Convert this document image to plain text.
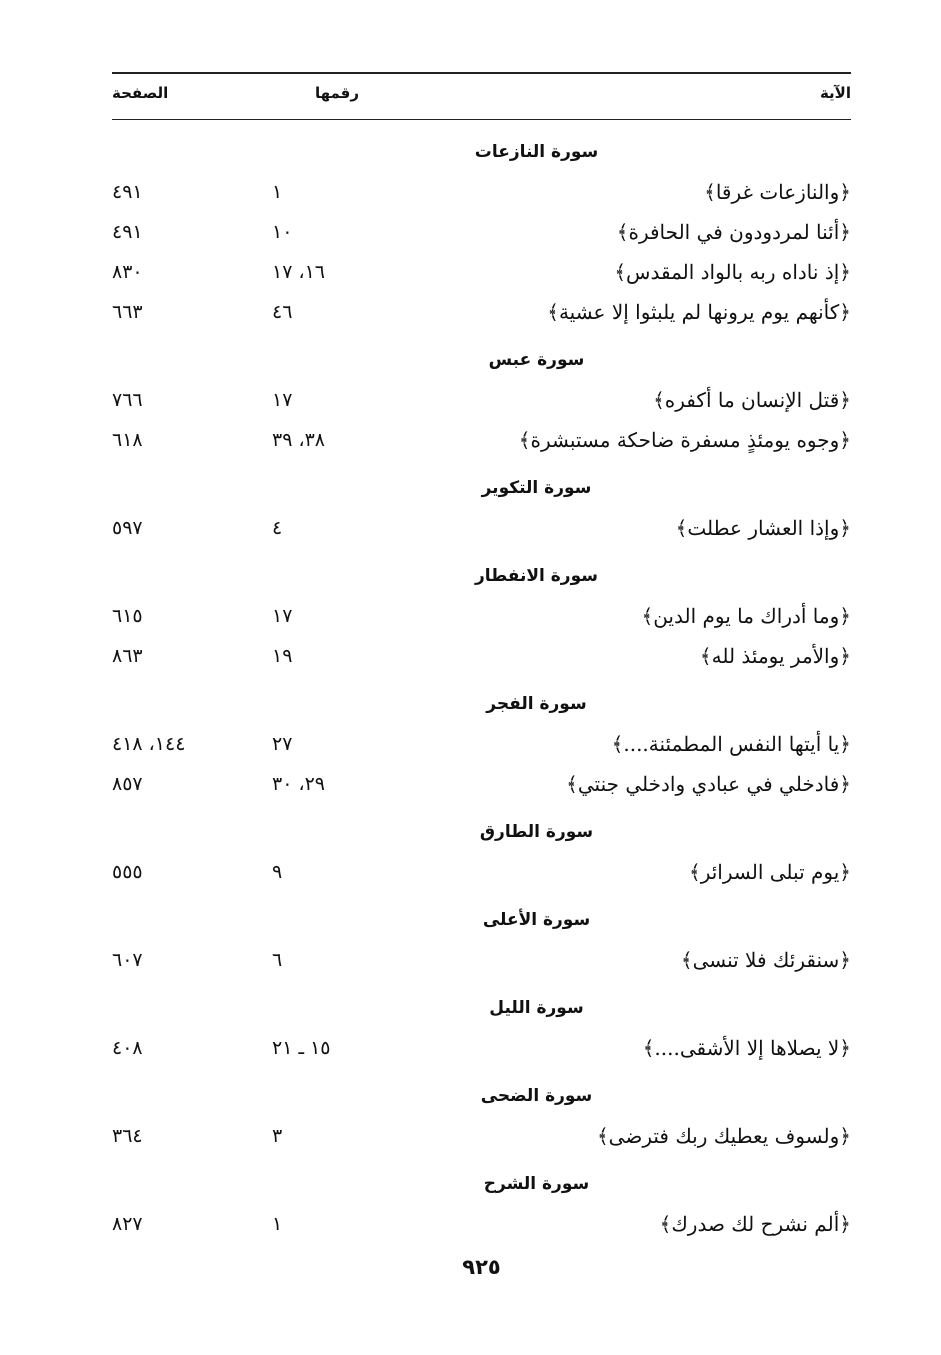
الآية
رقمها
الصفحة
سورة النازعات
﴿والنازعات غرقا﴾
١
٤٩١
﴿أئنا لمردودون في الحافرة﴾
١٠
٤٩١
﴿إذ ناداه ربه بالواد المقدس﴾
١٦، ١٧
٨٣٠
﴿كأنهم يوم يرونها لم يلبثوا إلا عشية﴾
٤٦
٦٦٣
سورة عبس
﴿قتل الإنسان ما أكفره﴾
١٧
٧٦٦
﴿وجوه يومئذٍ مسفرة ضاحكة مستبشرة﴾
٣٨، ٣٩
٦١٨
سورة التكوير
﴿وإذا العشار عطلت﴾
٤
٥٩٧
سورة الانفطار
﴿وما أدراك ما يوم الدين﴾
١٧
٦١٥
﴿والأمر يومئذ لله﴾
١٩
٨٦٣
سورة الفجر
﴿يا أيتها النفس المطمئنة....﴾
٢٧
١٤٤، ٤١٨
﴿فادخلي في عبادي وادخلي جنتي﴾
٢٩، ٣٠
٨٥٧
سورة الطارق
﴿يوم تبلى السرائر﴾
٩
٥٥٥
سورة الأعلى
﴿سنقرئك فلا تنسى﴾
٦
٦٠٧
سورة الليل
﴿لا يصلاها إلا الأشقى....﴾
١٥ ـ ٢١
٤٠٨
سورة الضحى
﴿ولسوف يعطيك ربك فترضى﴾
٣
٣٦٤
سورة الشرح
﴿ألم نشرح لك صدرك﴾
١
٨٢٧
٩٢٥
